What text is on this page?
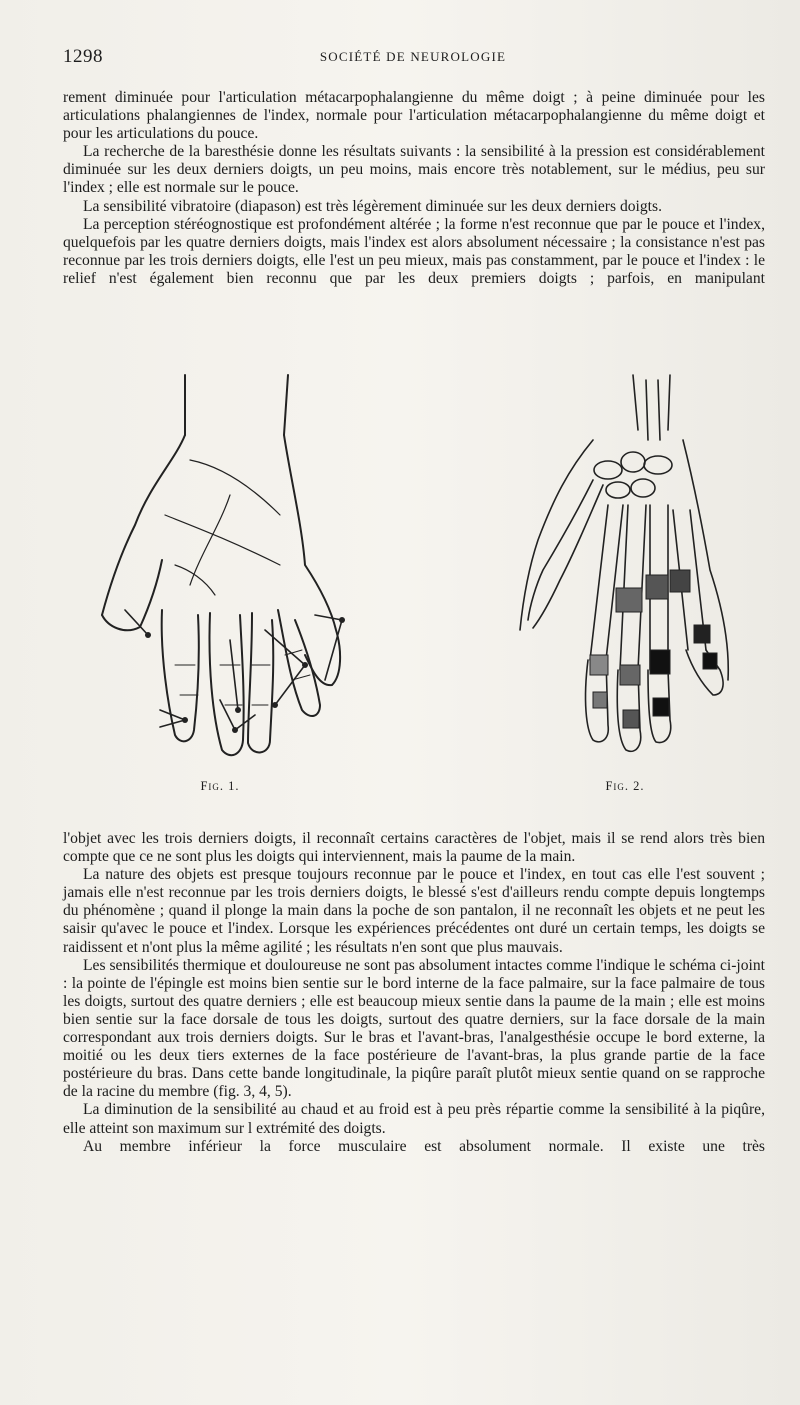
1298	SOCIÉTÉ DE NEUROLOGIE

rement diminuée pour l'articulation métacarpophalangienne du même doigt ; à peine diminuée pour les articulations phalangiennes de l'index, normale pour l'articulation métacarpophalangienne du même doigt et pour les articulations du pouce.

La recherche de la baresthésie donne les résultats suivants : la sensibilité à la pression est considérablement diminuée sur les deux derniers doigts, un peu moins, mais encore très notablement, sur le médius, peu sur l'index ; elle est normale sur le pouce.

La sensibilité vibratoire (diapason) est très légèrement diminuée sur les deux derniers doigts.

La perception stéréognostique est profondément altérée ; la forme n'est reconnue que par le pouce et l'index, quelquefois par les quatre derniers doigts, mais l'index est alors absolument nécessaire ; la consistance n'est pas reconnue par les trois derniers doigts, elle l'est un peu mieux, mais pas constamment, par le pouce et l'index : le relief n'est également bien reconnu que par les deux premiers doigts ; parfois, en manipulant

Fig. 1.	Fig. 2.

l'objet avec les trois derniers doigts, il reconnaît certains caractères de l'objet, mais il se rend alors très bien compte que ce ne sont plus les doigts qui interviennent, mais la paume de la main.

La nature des objets est presque toujours reconnue par le pouce et l'index, en tout cas elle l'est souvent ; jamais elle n'est reconnue par les trois derniers doigts, le blessé s'est d'ailleurs rendu compte depuis longtemps du phénomène ; quand il plonge la main dans la poche de son pantalon, il ne reconnaît les objets et ne peut les saisir qu'avec le pouce et l'index. Lorsque les expériences précédentes ont duré un certain temps, les doigts se raidissent et n'ont plus la même agilité ; les résultats n'en sont que plus mauvais.

Les sensibilités thermique et douloureuse ne sont pas absolument intactes comme l'indique le schéma ci-joint : la pointe de l'épingle est moins bien sentie sur le bord interne de la face palmaire, sur la face palmaire de tous les doigts, surtout des quatre derniers ; elle est beaucoup mieux sentie dans la paume de la main ; elle est moins bien sentie sur la face dorsale de tous les doigts, surtout des quatre derniers, sur la face dorsale de la main correspondant aux trois derniers doigts. Sur le bras et l'avant-bras, l'analgesthésie occupe le bord externe, la moitié ou les deux tiers externes de la face postérieure de l'avant-bras, la plus grande partie de la face postérieure du bras. Dans cette bande longitudinale, la piqûre paraît plutôt mieux sentie quand on se rapproche de la racine du membre (fig. 3, 4, 5).

La diminution de la sensibilité au chaud et au froid est à peu près répartie comme la sensibilité à la piqûre, elle atteint son maximum sur l extrémité des doigts.

Au membre inférieur la force musculaire est absolument normale. Il existe une très
